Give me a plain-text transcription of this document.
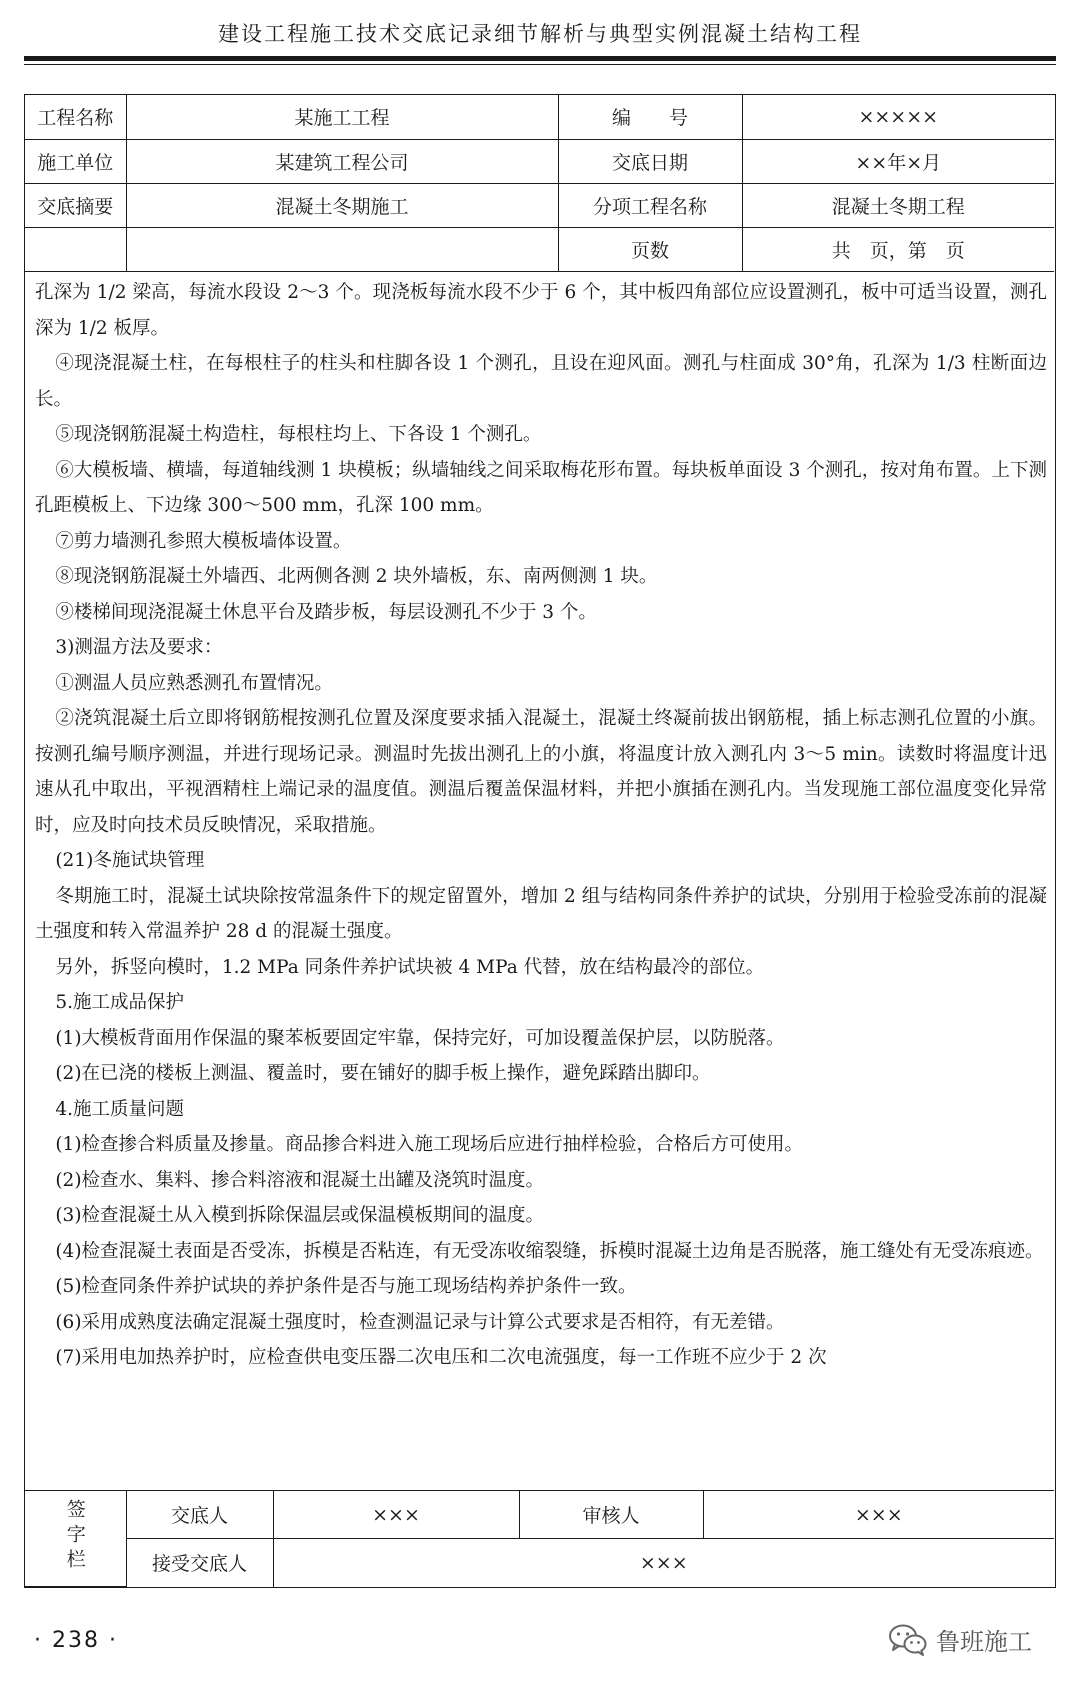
建设工程施工技术交底记录细节解析与典型实例混凝土结构工程
工程名称	某施工工程	编　　号	×××××
施工单位	某建筑工程公司	交底日期	××年×月
交底摘要	混凝土冬期施工	分项工程名称	混凝土冬期工程
		页数	共　页，第　页

孔深为 1/2 梁高，每流水段设 2～3 个。现浇板每流水段不少于 6 个，其中板四角部位应设置测孔，板中可适当设置，测孔深为 1/2 板厚。

④现浇混凝土柱，在每根柱子的柱头和柱脚各设 1 个测孔，且设在迎风面。测孔与柱面成 30°角，孔深为 1/3 柱断面边长。

⑤现浇钢筋混凝土构造柱，每根柱均上、下各设 1 个测孔。

⑥大模板墙、横墙，每道轴线测 1 块模板；纵墙轴线之间采取梅花形布置。每块板单面设 3 个测孔，按对角布置。上下测孔距模板上、下边缘 300～500 mm，孔深 100 mm。

⑦剪力墙测孔参照大模板墙体设置。

⑧现浇钢筋混凝土外墙西、北两侧各测 2 块外墙板，东、南两侧测 1 块。

⑨楼梯间现浇混凝土休息平台及踏步板，每层设测孔不少于 3 个。

3)测温方法及要求：

①测温人员应熟悉测孔布置情况。

②浇筑混凝土后立即将钢筋棍按测孔位置及深度要求插入混凝土，混凝土终凝前拔出钢筋棍，插上标志测孔位置的小旗。按测孔编号顺序测温，并进行现场记录。测温时先拔出测孔上的小旗，将温度计放入测孔内 3～5 min。读数时将温度计迅速从孔中取出，平视酒精柱上端记录的温度值。测温后覆盖保温材料，并把小旗插在测孔内。当发现施工部位温度变化异常时，应及时向技术员反映情况，采取措施。

(21)冬施试块管理

冬期施工时，混凝土试块除按常温条件下的规定留置外，增加 2 组与结构同条件养护的试块，分别用于检验受冻前的混凝土强度和转入常温养护 28 d 的混凝土强度。

另外，拆竖向模时，1.2 MPa 同条件养护试块被 4 MPa 代替，放在结构最冷的部位。

5.施工成品保护

(1)大模板背面用作保温的聚苯板要固定牢靠，保持完好，可加设覆盖保护层，以防脱落。

(2)在已浇的楼板上测温、覆盖时，要在铺好的脚手板上操作，避免踩踏出脚印。

4.施工质量问题

(1)检查掺合料质量及掺量。商品掺合料进入施工现场后应进行抽样检验，合格后方可使用。

(2)检查水、集料、掺合料溶液和混凝土出罐及浇筑时温度。

(3)检查混凝土从入模到拆除保温层或保温模板期间的温度。

(4)检查混凝土表面是否受冻，拆模是否粘连，有无受冻收缩裂缝，拆模时混凝土边角是否脱落，施工缝处有无受冻痕迹。

(5)检查同条件养护试块的养护条件是否与施工现场结构养护条件一致。

(6)采用成熟度法确定混凝土强度时，检查测温记录与计算公式要求是否相符，有无差错。

(7)采用电加热养护时，应检查供电变压器二次电压和二次电流强度，每一工作班不应少于 2 次

签字栏	交底人	×××	审核人	×××
	接受交底人	×××		
· 238 ·	鲁班施工
